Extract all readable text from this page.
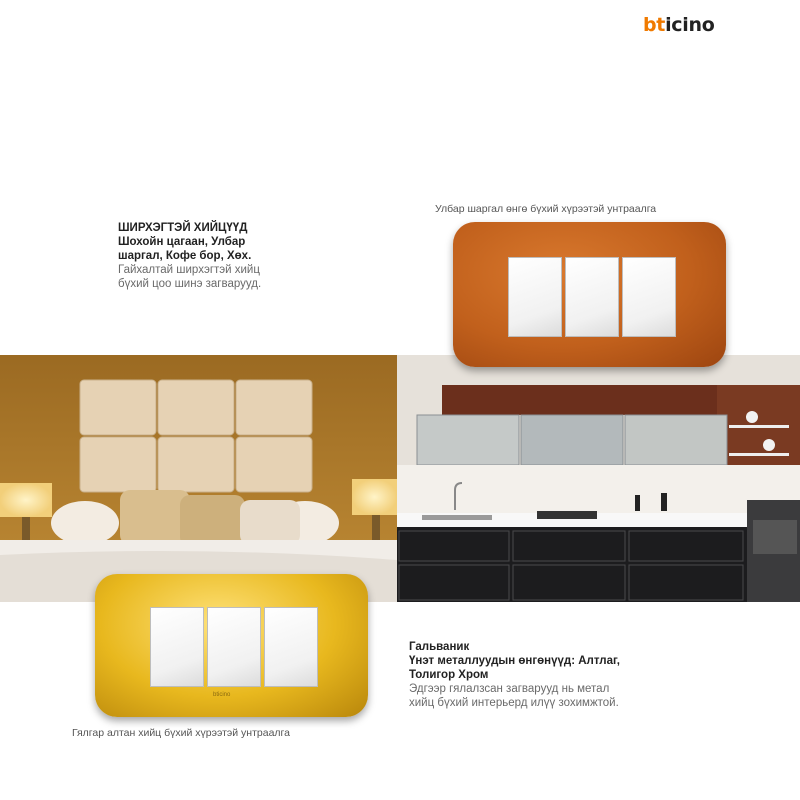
bticino
ШИРХЭГТЭЙ ХИЙЦҮҮД
Шохойн цагаан, Улбар
шаргал, Кофе бор, Хөх.
Гайхалтай ширхэгтэй хийц
бүхий цоо шинэ загварууд.
Улбар шаргал өнгө бүхий хүрээтэй унтраалга
bticino
Гялгар алтан хийц бүхий хүрээтэй унтраалга
Гальваник
Үнэт металлуудын өнгөнүүд: Алтлаг,
Толигор Хром
Эдгээр гялалзсан загварууд нь метал
хийц бүхий интерьерд илүү зохимжтой.
